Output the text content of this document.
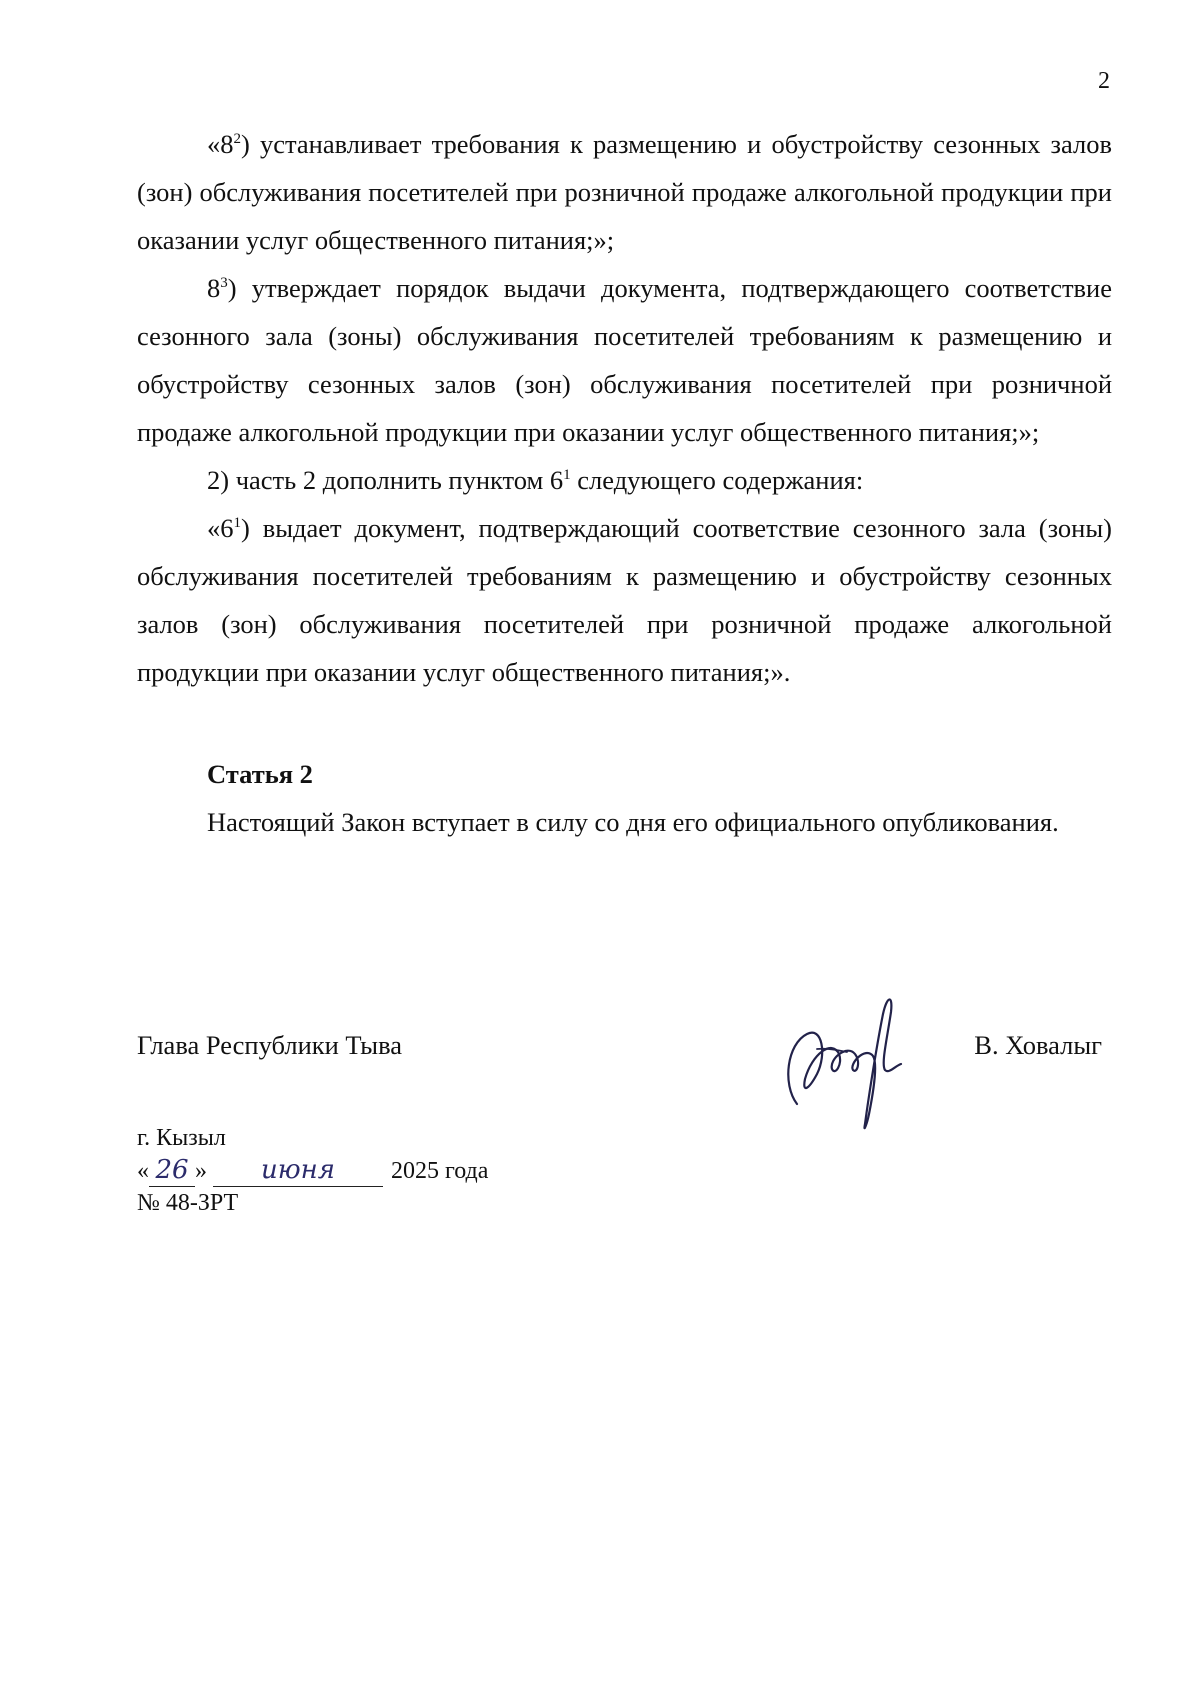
2

«$8^2$) устанавливает требования к размещению и обустройству сезонных залов (зон) обслуживания посетителей при розничной продаже алкогольной продукции при оказании услуг общественного питания;»;

$8^3$) утверждает порядок выдачи документа, подтверждающего соответствие сезонного зала (зоны) обслуживания посетителей требованиям к размещению и обустройству сезонных залов (зон) обслуживания посетителей при розничной продаже алкогольной продукции при оказании услуг общественного питания;»;

2) часть 2 дополнить пунктом $6^1$ следующего содержания:

«$6^1$) выдает документ, подтверждающий соответствие сезонного зала (зоны) обслуживания посетителей требованиям к размещению и обустройству сезонных залов (зон) обслуживания посетителей при розничной продаже алкогольной продукции при оказании услуг общественного питания;».

Статья 2

Настоящий Закон вступает в силу со дня его официального опубликования.

Глава Республики Тыва	В. Ховалыг
г. Кызыл
« 26 » июня 2025 года
№ 48-ЗРТ
